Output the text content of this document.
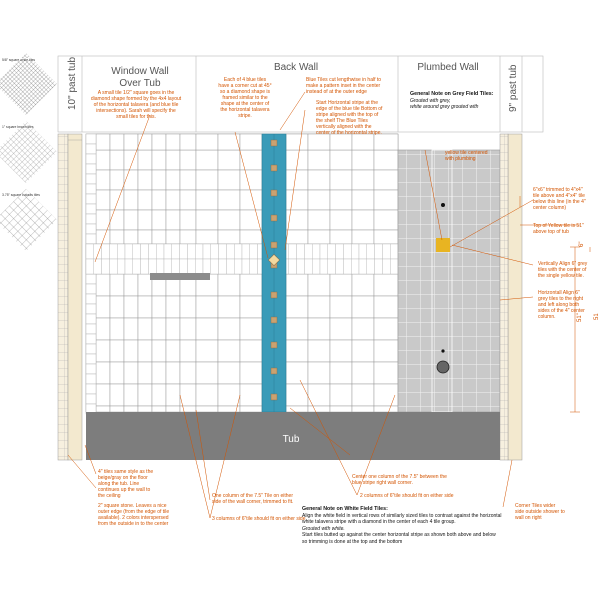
Tub
10" past tub	Window Wall
Over Tub
Back Wall	Plumbed Wall	9" past tub
5/8" square white tiles
1" square brown tiles
3.75" square cutouts tiles
51"
6"
51
A small tile 1/2" square goes in the diamond shape formed by the 4x4 layout of the horizontal talavera (and blue tile intersections). Sarah will specify the small tiles for this.
Each of 4 blue tiles have a corner cut at 45° so a diamond shape is framed similar to the shape at the center of the horizontal talavera stripe.
Blue Tiles cut lengthwise in half to make a pattern inset in the center instead of at the outer edge
Start Horizontal stripe at the edge of the blue tile Bottom of stripe aligned with the top of the shelf The Blue Tiles vertically aligned with the center of the horizontal stripe.
yellow tile centered with plumbing
6"x6" trimmed to 4"x4" tile above and 4"x4" tile below this line (in the 4" center column)
Top of Yellow tile is 51" above top of tub
Vertically Align 6" grey tiles with the center of the single yellow tile.
Horizontall Align 6" grey tiles to the right and left along both sides of the 4" center column.
4" tiles same style as the beige/gray on the floor along the tub. Line continues up the wall to the ceiling
2" square stone. Leaves a nice outer edge (from the edge of tile available). 2 colors interspersed from the outside in to the center
One column of the 7.5" Tile on either side of the wall corner, trimmed to fit.
3 columns of 6"tile should fit on either side
Center one column of the 7.5" between the blue stripe right wall corner.
2 columns of 6"tile should fit on either side
Corner Tiles wider side outside shower to wall on right
General Note on Grey Field Tiles:
Grouted with grey,
white around grey grouted with
General Note on White Field Tiles:
Align the white field in vertical rows of similarly sized tiles to contrast against the horizontal white talavera stripe with a diamond in the center of each 4 tile group.
Grouted with white.
Start tiles butted up against the center horizontal stripe as shown both above and below so trimming is done at the top and the bottom
